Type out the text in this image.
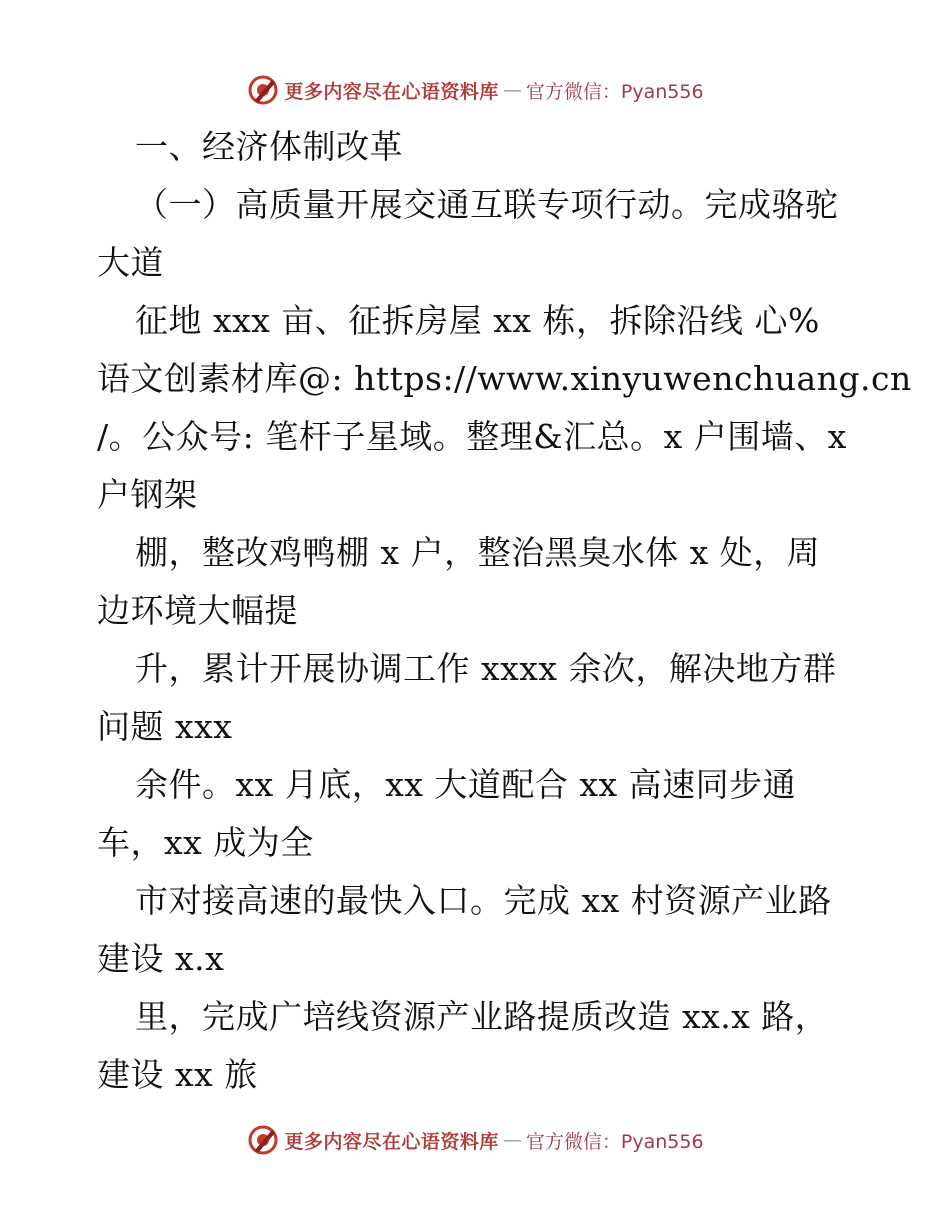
更多内容尽在心语资料库 — 官方微信：Pyan556
一、经济体制改革
（一）高质量开展交通互联专项行动。完成骆驼
大道
征地 xxx 亩、征拆房屋 xx 栋，拆除沿线 心%
语文创素材库@: https://www.xinyuwenchuang.cn
/。公众号: 笔杆子星域。整理&汇总。x 户围墙、x
户钢架
棚，整改鸡鸭棚 x 户，整治黑臭水体 x 处，周
边环境大幅提
升，累计开展协调工作 xxxx 余次，解决地方群
问题 xxx
余件。xx 月底，xx 大道配合 xx 高速同步通
车，xx 成为全
市对接高速的最快入口。完成 xx 村资源产业路
建设 x.x
里，完成广培线资源产业路提质改造 xx.x 路，
建设 xx 旅
更多内容尽在心语资料库 — 官方微信：Pyan556
